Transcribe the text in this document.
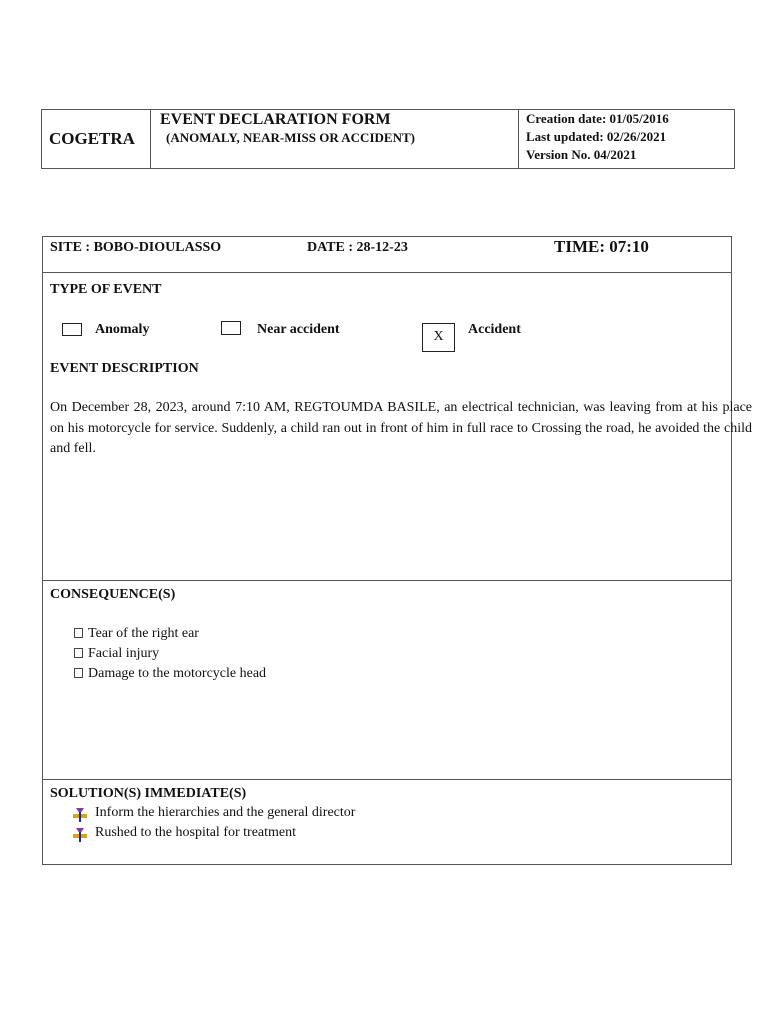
COGETRA
EVENT DECLARATION FORM
(ANOMALY, NEAR-MISS OR ACCIDENT)
Creation date: 01/05/2016
Last updated: 02/26/2021
Version No. 04/2021
SITE : BOBO-DIOULASSO	DATE : 28-12-23	TIME: 07:10
TYPE OF EVENT
Anomaly	Near accident	X	Accident
EVENT DESCRIPTION
On December 28, 2023, around 7:10 AM, REGTOUMDA BASILE, an electrical technician, was leaving from at his place on his motorcycle for service. Suddenly, a child ran out in front of him in full race to Crossing the road, he avoided the child and fell.
CONSEQUENCE(S)
Tear of the right ear
Facial injury
Damage to the motorcycle head
SOLUTION(S) IMMEDIATE(S)
Inform the hierarchies and the general director
Rushed to the hospital for treatment
